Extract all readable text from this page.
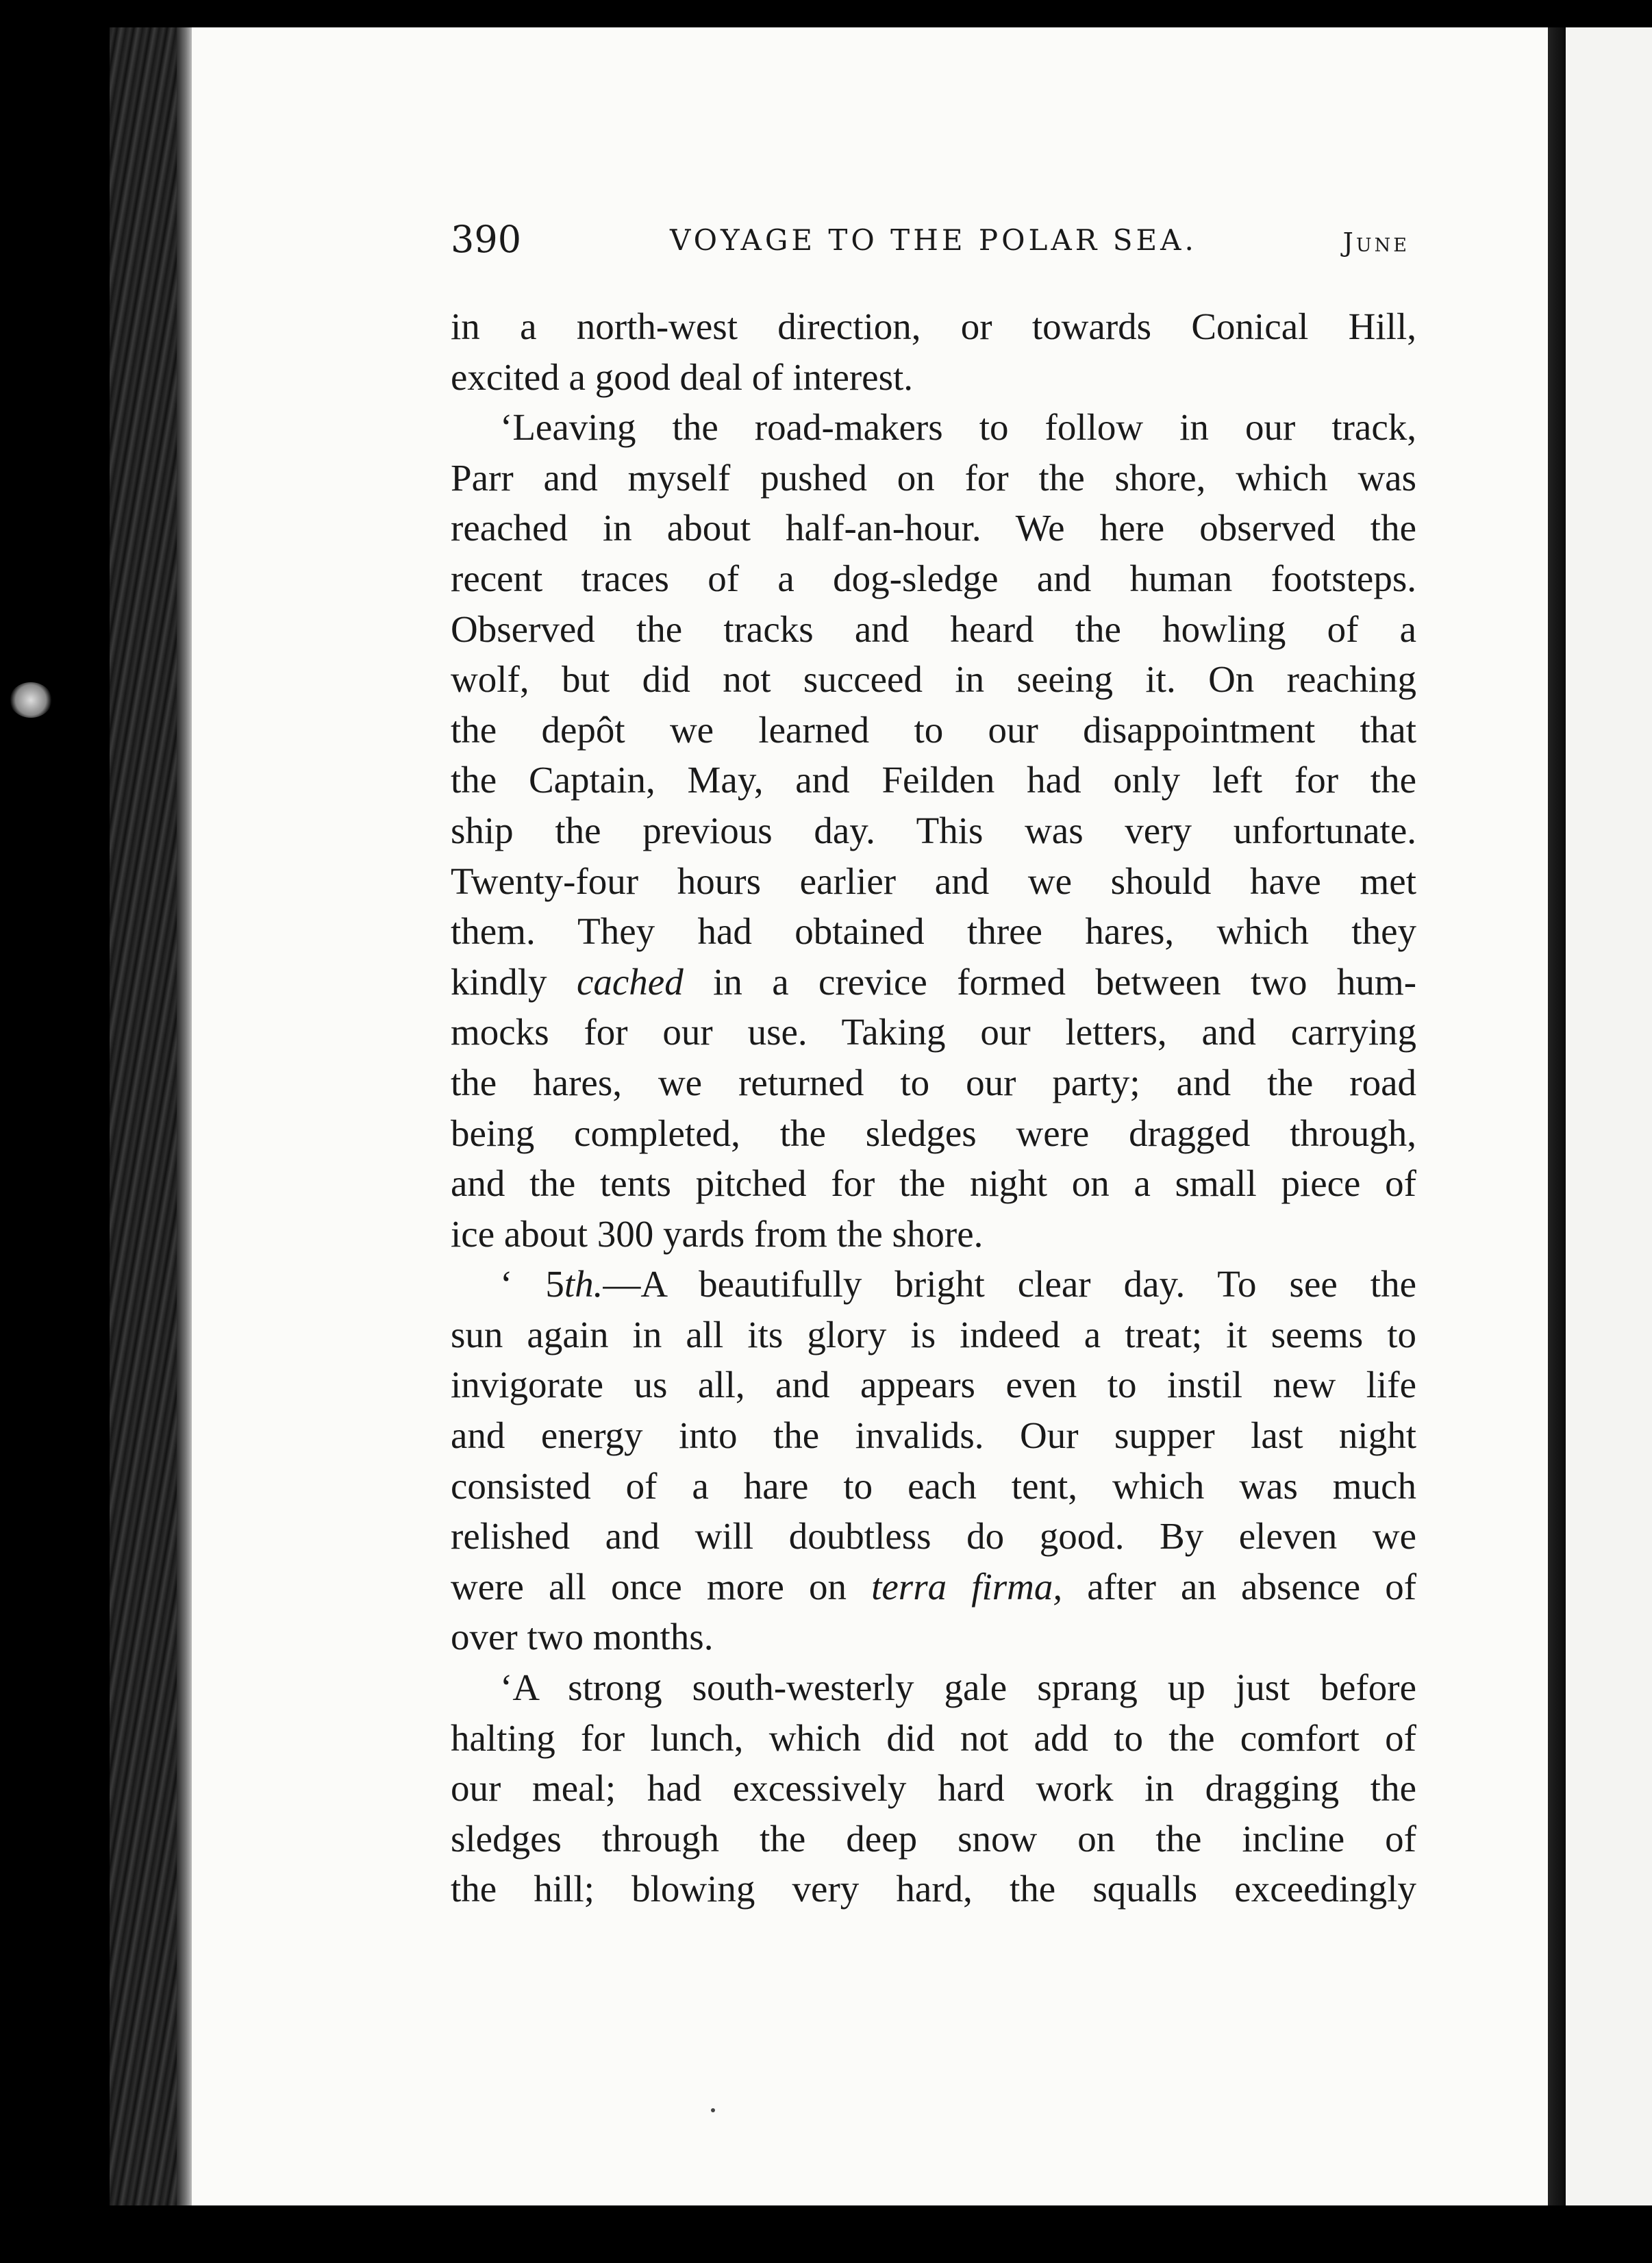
390	VOYAGE TO THE POLAR SEA.	June
in a north-west direction, or towards Conical Hill,
excited a good deal of interest.
‘Leaving the road-makers to follow in our track,
Parr and myself pushed on for the shore, which was
reached in about half-an-hour. We here observed the
recent traces of a dog-sledge and human footsteps.
Observed the tracks and heard the howling of a
wolf, but did not succeed in seeing it. On reaching
the depôt we learned to our disappointment that
the Captain, May, and Feilden had only left for the
ship the previous day. This was very unfortunate.
Twenty-four hours earlier and we should have met
them. They had obtained three hares, which they
kindly cached in a crevice formed between two hum-
mocks for our use. Taking our letters, and carrying
the hares, we returned to our party; and the road
being completed, the sledges were dragged through,
and the tents pitched for the night on a small piece of
ice about 300 yards from the shore.
‘ 5th.—A beautifully bright clear day. To see the
sun again in all its glory is indeed a treat; it seems to
invigorate us all, and appears even to instil new life
and energy into the invalids. Our supper last night
consisted of a hare to each tent, which was much
relished and will doubtless do good. By eleven we
were all once more on terra firma, after an absence of
over two months.
‘A strong south-westerly gale sprang up just before
halting for lunch, which did not add to the comfort of
our meal; had excessively hard work in dragging the
sledges through the deep snow on the incline of
the hill; blowing very hard, the squalls exceedingly
